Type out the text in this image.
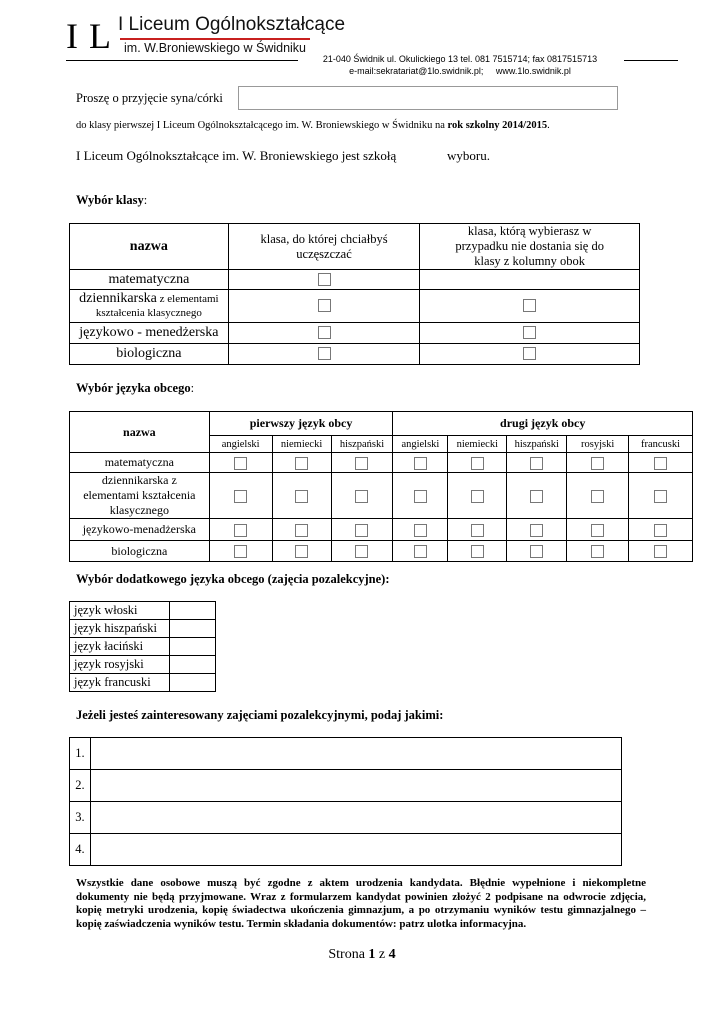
I L I Liceum Ogólnokształcące
im. W.Broniewskiego w Świdniku
21-040 Świdnik ul. Okulickiego 13 tel. 081 7515714; fax 0817515713
e-mail:sekratariat@1lo.swidnik.pl;     www.1lo.swidnik.pl
Proszę o przyjęcie syna/córki
do klasy pierwszej I Liceum Ogólnokształcącego im. W. Broniewskiego w Świdniku na rok szkolny 2014/2015.
I Liceum Ogólnokształcące im. W. Broniewskiego jest szkołą	wyboru.
Wybór klasy:
nazwa	klasa, do której chciałbyś uczęszczać	klasa, którą wybierasz w przypadku nie dostania się do klasy z kolumny obok
matematyczna		
dziennikarska z elementami kształcenia klasycznego		
językowo - menedżerska		
biologiczna		
Wybór języka obcego:
nazwa	pierwszy język obcy			drugi język obcy				
	angielski	niemiecki	hiszpański	angielski	niemiecki	hiszpański	rosyjski	francuski
matematyczna								
dziennikarska z elementami kształcenia klasycznego								
językowo-menadżerska								
biologiczna								
Wybór dodatkowego języka obcego (zajęcia pozalekcyjne):
język włoski	
język hiszpański	
język łaciński	
język rosyjski	
język francuski	
Jeżeli jesteś zainteresowany zajęciami pozalekcyjnymi, podaj jakimi:
1.	
2.	
3.	
4.	
Wszystkie dane osobowe muszą być zgodne z aktem urodzenia kandydata. Błędnie wypełnione i niekompletne dokumenty nie będą przyjmowane. Wraz z formularzem kandydat powinien złożyć 2 podpisane na odwrocie zdjęcia, kopię metryki urodzenia, kopię świadectwa ukończenia gimnazjum, a po otrzymaniu wyników testu gimnazjalnego – kopię zaświadczenia wyników testu. Termin składania dokumentów: patrz ulotka informacyjna.
Strona 1 z 4
